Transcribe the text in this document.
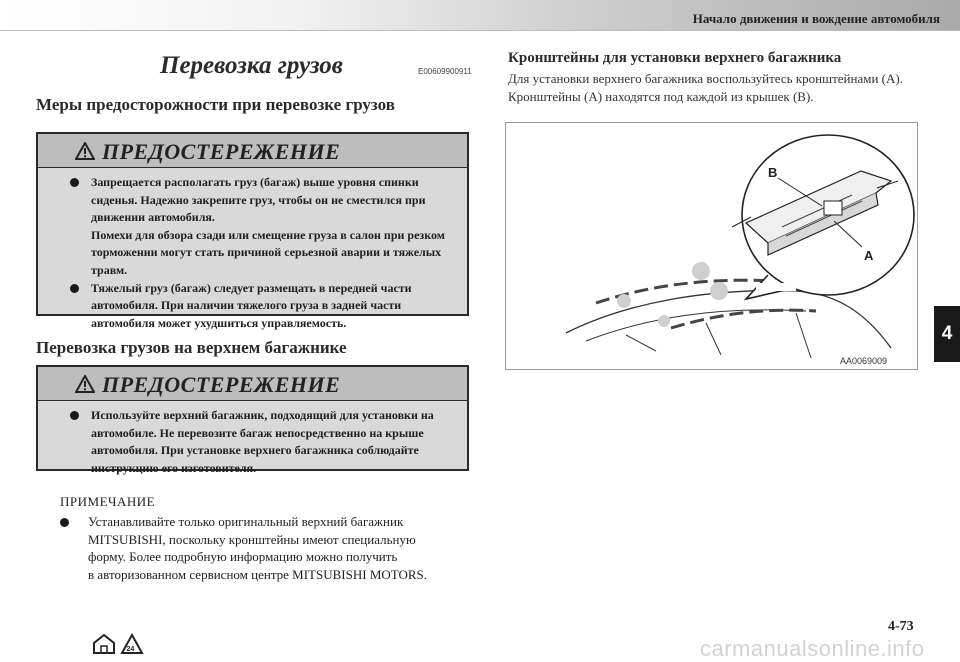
Начало движения и вождение автомобиля
4
Перевозка грузов	E00609900911
Меры предосторожности при перевозке грузов
ПРЕДОСТЕРЕЖЕНИЕ
Запрещается располагать груз (багаж) выше уровня спинки
сиденья. Надежно закрепите груз, чтобы он не сместился при
движении автомобиля.
Помехи для обзора сзади или смещение груза в салон при резком
торможении могут стать причиной серьезной аварии и тяжелых
травм.
Тяжелый груз (багаж) следует размещать в передней части
автомобиля. При наличии тяжелого груза в задней части
автомобиля может ухудшиться управляемость.
Перевозка грузов на верхнем багажнике
ПРЕДОСТЕРЕЖЕНИЕ
Используйте верхний багажник, подходящий для установки на
автомобиле. Не перевозите багаж непосредственно на крыше
автомобиля. При установке верхнего багажника соблюдайте
инструкцию его изготовителя.
ПРИМЕЧАНИЕ
Устанавливайте только оригинальный верхний багажник
MITSUBISHI, поскольку кронштейны имеют специальную
форму. Более подробную информацию можно получить
в авторизованном сервисном центре MITSUBISHI MOTORS.
Кронштейны для установки верхнего багажника
Для установки верхнего багажника воспользуйтесь кронштейнами (A).
Кронштейны (A) находятся под каждой из крышек (B).
B
A
AA0069009
4-73
24	carmanualsonline.info
